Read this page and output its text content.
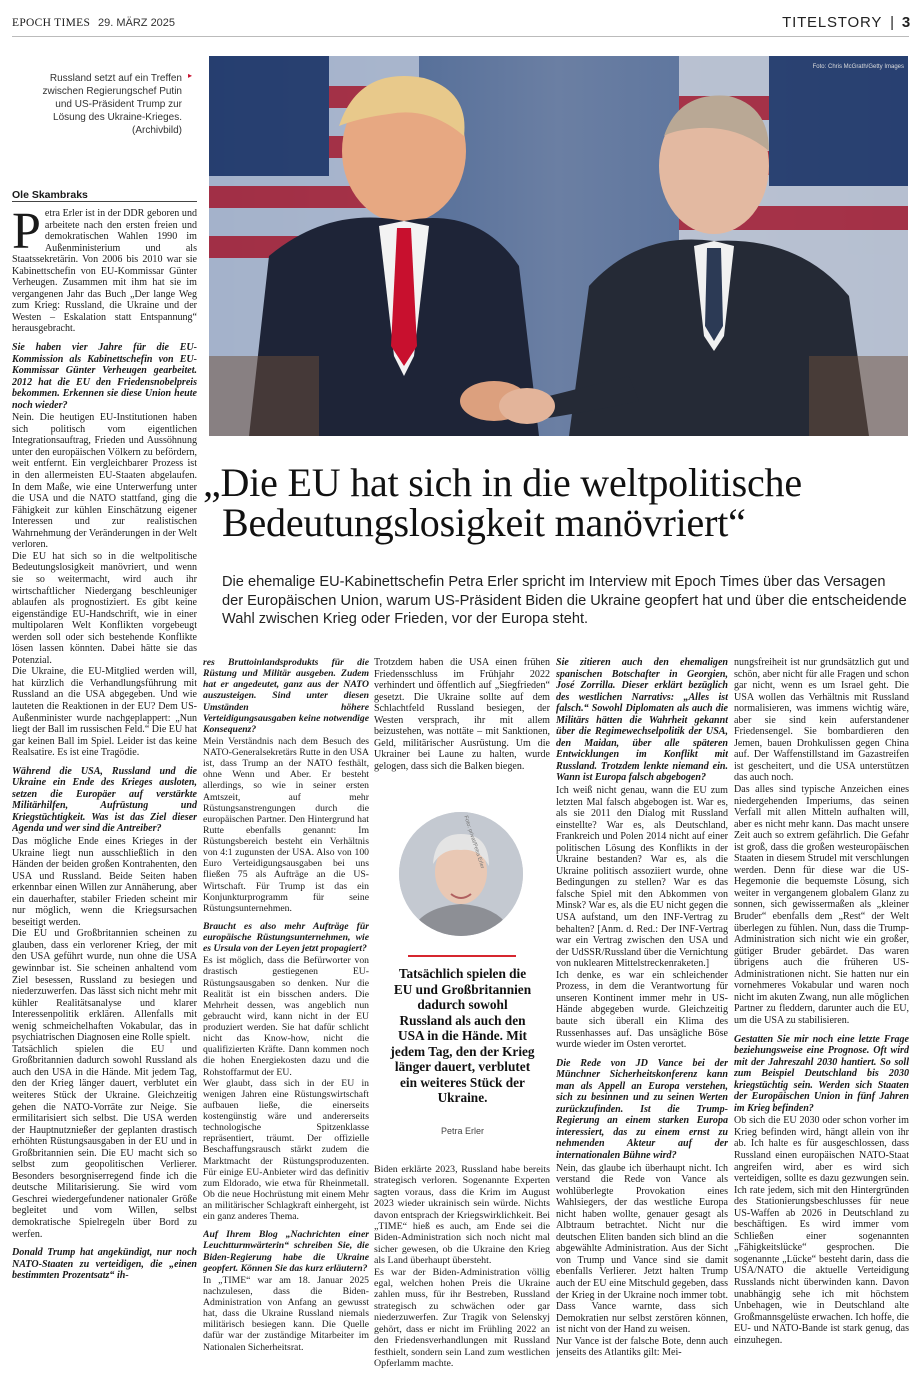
EPOCH TIMES 29. MÄRZ 2025	TITELSTORY | 3
Foto: Chris McGrath/Getty Images
Russland setzt auf ein Treffen zwischen Regierungschef Putin und US-Präsident Trump zur Lösung des Ukraine-Krieges. (Archivbild)
▸
Ole Skambraks
„Die EU hat sich in die weltpolitische
Bedeutungslosigkeit manövriert“
Die ehemalige EU-Kabinettschefin Petra Erler spricht im Interview mit Epoch Times über das Versagen
der Europäischen Union, warum US-Präsident Biden die Ukraine geopfert hat und über die entscheidende
Wahl zwischen Krieg oder Frieden, vor der Europa steht.
P etra Erler ist in der DDR geboren und arbeitete nach den ersten freien und demokratischen Wahlen 1990 im Außenministerium und als Staatssekretärin. Von 2006 bis 2010 war sie Kabinettschefin von EU-Kommissar Günter Verheugen. Zusammen mit ihm hat sie im vergangenen Jahr das Buch „Der lange Weg zum Krieg: Russland, die Ukraine und der Westen – Eskalation statt Entspannung“ herausgebracht.

Sie haben vier Jahre für die EU-Kommission als Kabinettschefin von EU-Kommissar Günter Verheugen gearbeitet. 2012 hat die EU den Friedensnobelpreis bekommen. Erkennen sie diese Union heute noch wieder?

Nein. Die heutigen EU-Institutionen haben sich politisch vom eigentlichen Integrationsauftrag, Frieden und Aussöhnung unter den europäischen Völkern zu befördern, weit entfernt. Ein vergleichbarer Prozess ist in den allermeisten EU-Staaten abgelaufen. In dem Maße, wie eine Unterwerfung unter die USA und die NATO stattfand, ging die Fähigkeit zur kühlen Einschätzung eigener Interessen und zur realistischen Wahrnehmung der Veränderungen in der Welt verloren.

Die EU hat sich so in die weltpolitische Bedeutungslosigkeit manövriert, und wenn sie so weitermacht, wird auch ihr wirtschaftlicher Niedergang beschleuniger ablaufen als prognostiziert. Es gibt keine eigenständige EU-Handschrift, wie in einer multipolaren Welt Konflikten vorgebeugt werden soll oder sich bestehende Konflikte lösen lassen könnten. Dabei hätte sie das Potenzial.

Die Ukraine, die EU-Mitglied werden will, hat kürzlich die Verhandlungsführung mit Russland an die USA abgegeben. Und wie lauteten die Reaktionen in der EU? Dem US-Außenminister wurde nachgeplappert: „Nun liegt der Ball im russischen Feld.“ Die EU hat gar keinen Ball im Spiel. Leider ist das keine Realsatire. Es ist eine Tragödie.

Während die USA, Russland und die Ukraine ein Ende des Krieges ausloten, setzen die Europäer auf verstärkte Militärhilfen, Aufrüstung und Kriegstüchtigkeit. Was ist das Ziel dieser Agenda und wer sind die Antreiber?

Das mögliche Ende eines Krieges in der Ukraine liegt nun ausschließlich in den Händen der beiden großen Kontrahenten, den USA und Russland. Beide Seiten haben erkennbar einen Willen zur Annäherung, aber ein dauerhafter, stabiler Frieden scheint mir nur möglich, wenn die Kriegsursachen beseitigt werden.

Die EU und Großbritannien scheinen zu glauben, dass ein verlorener Krieg, der mit den USA geführt wurde, nun ohne die USA gewinnbar ist. Sie scheinen anhaltend vom Ziel besessen, Russland zu besiegen und niederzuwerfen. Das lässt sich nicht mehr mit kühler Realitätsanalyse und klarer Interessenpolitik erklären. Allenfalls mit wenig schmeichelhaften Vokabular, das in psychiatrischen Diagnosen eine Rolle spielt.

Tatsächlich spielen die EU und Großbritannien dadurch sowohl Russland als auch den USA in die Hände. Mit jedem Tag, den der Krieg länger dauert, verblutet ein weiteres Stück der Ukraine. Gleichzeitig gehen die NATO-Vorräte zur Neige. Sie ermilitarisiert sich selbst. Die USA werden der Hauptnutznießer der geplanten drastisch erhöhten Rüstungsausgaben in der EU und in Großbritannien sein. Die EU macht sich so selbst zum geopolitischen Verlierer. Besonders besorgniserregend finde ich die deutsche Militarisierung. Sie wird vom Geschrei wiedergefundener nationaler Größe begleitet und vom Willen, selbst demokratische Spielregeln über Bord zu werfen.

Donald Trump hat angekündigt, nur noch NATO-Staaten zu verteidigen, die „einen bestimmten Prozentsatz“ ih-

res Bruttoinlandsprodukts für die Rüstung und Militär ausgeben. Zudem hat er angedeutet, ganz aus der NATO auszusteigen. Sind unter diesen Umständen höhere Verteidigungsausgaben keine notwendige Konsequenz?

Mein Verständnis nach dem Besuch des NATO-Generalsekretärs Rutte in den USA ist, dass Trump an der NATO festhält, ohne Wenn und Aber. Er besteht allerdings, so wie in seiner ersten Amtszeit, auf mehr Rüstungsanstrengungen durch die europäischen Partner. Den Hintergrund hat Rutte ebenfalls genannt: Im Rüstungsbereich besteht ein Verhältnis von 4:1 zugunsten der USA. Also von 100 Euro Verteidigungsausgaben bei uns fließen 75 als Aufträge an die US-Wirtschaft. Für Trump ist das ein Konjunkturprogramm für seine Rüstungsunternehmen.

Braucht es also mehr Aufträge für europäische Rüstungsunternehmen, wie es Ursula von der Leyen jetzt propagiert?

Es ist möglich, dass die Befürworter von drastisch gestiegenen EU-Rüstungsausgaben so denken. Nur die Realität ist ein bisschen anders. Die Mehrheit dessen, was angeblich nun gebraucht wird, kann nicht in der EU produziert werden. Sie hat dafür schlicht nicht das Know-how, nicht die qualifizierten Kräfte. Dann kommen noch die hohen Energiekosten dazu und die Rohstoffarmut der EU.

Wer glaubt, dass sich in der EU in wenigen Jahren eine Rüstungswirtschaft aufbauen ließe, die einerseits kostengünstig wäre und andererseits technologische Spitzenklasse repräsentiert, träumt. Der offizielle Beschaffungsrausch stärkt zudem die Marktmacht der Rüstungsproduzenten. Für einige EU-Anbieter wird das definitiv zum Eldorado, wie etwa für Rheinmetall. Ob die neue Hochrüstung mit einem Mehr an militärischer Schlagkraft einhergeht, ist ein ganz anderes Thema.

Auf Ihrem Blog „Nachrichten einer Leuchtturmwärterin“ schreiben Sie, die Biden-Regierung habe die Ukraine geopfert. Können Sie das kurz erläutern?

In „TIME“ war am 18. Januar 2025 nachzulesen, dass die Biden-Administration von Anfang an gewusst hat, dass die Ukraine Russland niemals militärisch besiegen kann. Die Quelle dafür war der zuständige Mitarbeiter im Nationalen Sicherheitsrat.

Trotzdem haben die USA einen frühen Friedensschluss im Frühjahr 2022 verhindert und öffentlich auf „Siegfrieden“ gesetzt. Die Ukraine sollte auf dem Schlachtfeld Russland besiegen, der Westen versprach, ihr mit allem beizustehen, was nottäte – mit Sanktionen, Geld, militärischer Ausrüstung. Um die Ukrainer bei Laune zu halten, wurde gelogen, dass sich die Balken biegen.

Biden erklärte 2023, Russland habe bereits strategisch verloren. Sogenannte Experten sagten voraus, dass die Krim im August 2023 wieder ukrainisch sein würde. Nichts davon entsprach der Kriegswirklichkeit. Bei „TIME“ hieß es auch, am Ende sei die Biden-Administration sich noch nicht mal sicher gewesen, ob die Ukraine den Krieg als Land überhaupt übersteht.

Es war der Biden-Administration völlig egal, welchen hohen Preis die Ukraine zahlen muss, für ihr Bestreben, Russland strategisch zu schwächen oder gar niederzuwerfen. Zur Tragik von Selenskyj gehört, dass er nicht im Frühling 2022 an den Friedensverhandlungen mit Russland festhielt, sondern sein Land zum westlichen Opferlamm machte.

Sie zitieren auch den ehemaligen spanischen Botschafter in Georgien, José Zorrilla. Dieser erklärt bezüglich des westlichen Narrativs: „Alles ist falsch.“ Sowohl Diplomaten als auch die Militärs hätten die Wahrheit gekannt über die Regimewechselpolitik der USA, den Maidan, über alle späteren Entwicklungen im Konflikt mit Russland. Trotzdem lenkte niemand ein. Wann ist Europa falsch abgebogen?

Ich weiß nicht genau, wann die EU zum letzten Mal falsch abgebogen ist. War es, als sie 2011 den Dialog mit Russland einstellte? War es, als Deutschland, Frankreich und Polen 2014 nicht auf einer politischen Lösung des Konflikts in der Ukraine bestanden? War es, als die Ukraine politisch assoziiert wurde, ohne Bedingungen zu stellen? War es das falsche Spiel mit den Abkommen von Minsk? War es, als die EU nicht gegen die USA aufstand, um den INF-Vertrag zu behalten? [Anm. d. Red.: Der INF-Vertrag war ein Vertrag zwischen den USA und der UdSSR/Russland über die Vernichtung von nuklearen Mittelstreckenraketen.]

Ich denke, es war ein schleichender Prozess, in dem die Verantwortung für unseren Kontinent immer mehr in US-Hände abgegeben wurde. Gleichzeitig baute sich überall ein Klima des Russenhasses auf. Das unsägliche Böse wurde wieder im Osten verortet.

Die Rede von JD Vance bei der Münchner Sicherheitskonferenz kann man als Appell an Europa verstehen, sich zu besinnen und zu seinen Werten zurückzufinden. Ist die Trump-Regierung an einem starken Europa interessiert, das zu einem ernst zu nehmenden Akteur auf der internationalen Bühne wird?

Nein, das glaube ich überhaupt nicht. Ich verstand die Rede von Vance als wohlüberlegte Provokation eines Wahlsiegers, der das westliche Europa nicht haben wollte, genauer gesagt als Albtraum betrachtet. Nicht nur die deutschen Eliten banden sich blind an die abgewählte Administration. Aus der Sicht von Trump und Vance sind sie damit ebenfalls Verlierer. Jetzt halten Trump auch der EU eine Mitschuld gegeben, dass der Krieg in der Ukraine noch immer tobt. Dass Vance warnte, dass sich Demokratien nur selbst zerstören können, ist nicht von der Hand zu weisen.

Nur Vance ist der falsche Bote, denn auch jenseits des Atlantiks gilt: Mei-

nungsfreiheit ist nur grundsätzlich gut und schön, aber nicht für alle Fragen und schon gar nicht, wenn es um Israel geht. Die USA wollen das Verhältnis mit Russland normalisieren, was immens wichtig wäre, aber sie sind kein auferstandener Friedensengel. Sie bombardieren den Jemen, bauen Drohkulissen gegen China auf. Der Waffenstillstand im Gazastreifen ist gescheitert, und die USA unterstützen das auch noch.

Das alles sind typische Anzeichen eines niedergehenden Imperiums, das seinen Verfall mit allen Mitteln aufhalten will, aber es nicht mehr kann. Das macht unsere Zeit auch so extrem gefährlich. Die Gefahr ist groß, dass die großen westeuropäischen Staaten in diesem Strudel mit verschlungen werden. Denn für diese war die US-Hegemonie die bequemste Lösung, sich weiter in vergangenem globalem Glanz zu sonnen, sich gewissermaßen als „kleiner Bruder“ ebenfalls dem „Rest“ der Welt überlegen zu fühlen. Nun, dass die Trump-Administration sich nicht wie ein großer, gütiger Bruder gebärdet. Das waren übrigens auch die früheren US-Administrationen nicht. Sie hatten nur ein vornehmeres Vokabular und waren noch nicht im akuten Zwang, nun alle möglichen Partner zu fleddern, darunter auch die EU, um die USA zu stabilisieren.

Gestatten Sie mir noch eine letzte Frage beziehungsweise eine Prognose. Oft wird mit der Jahreszahl 2030 hantiert. So soll zum Beispiel Deutschland bis 2030 kriegstüchtig sein. Werden sich Staaten der Europäischen Union in fünf Jahren im Krieg befinden?

Ob sich die EU 2030 oder schon vorher im Krieg befinden wird, hängt allein von ihr ab. Ich halte es für ausgeschlossen, dass Russland einen europäischen NATO-Staat angreifen wird, aber es wird sich verteidigen, sollte es dazu gezwungen sein. Ich rate jedem, sich mit den Hintergründen des Stationierungsbeschlusses für neue US-Waffen ab 2026 in Deutschland zu beschäftigen. Es wird immer vom Schließen einer sogenannten „Fähigkeitslücke“ gesprochen. Die sogenannte „Lücke“ besteht darin, dass die USA/NATO die aktuelle Verteidigung Russlands nicht überwinden kann. Davon unabhängig sehe ich mit höchstem Unbehagen, wie in Deutschland alte Großmannsgelüste erwachen. Ich hoffe, die EU- und NATO-Bande ist stark genug, das einzuhegen.

Foto: privat/Petra Erler
Tatsächlich spielen die EU und Großbritannien dadurch sowohl Russland als auch den USA in die Hände. Mit jedem Tag, den der Krieg länger dauert, verblutet ein weiteres Stück der Ukraine.
Petra Erler
